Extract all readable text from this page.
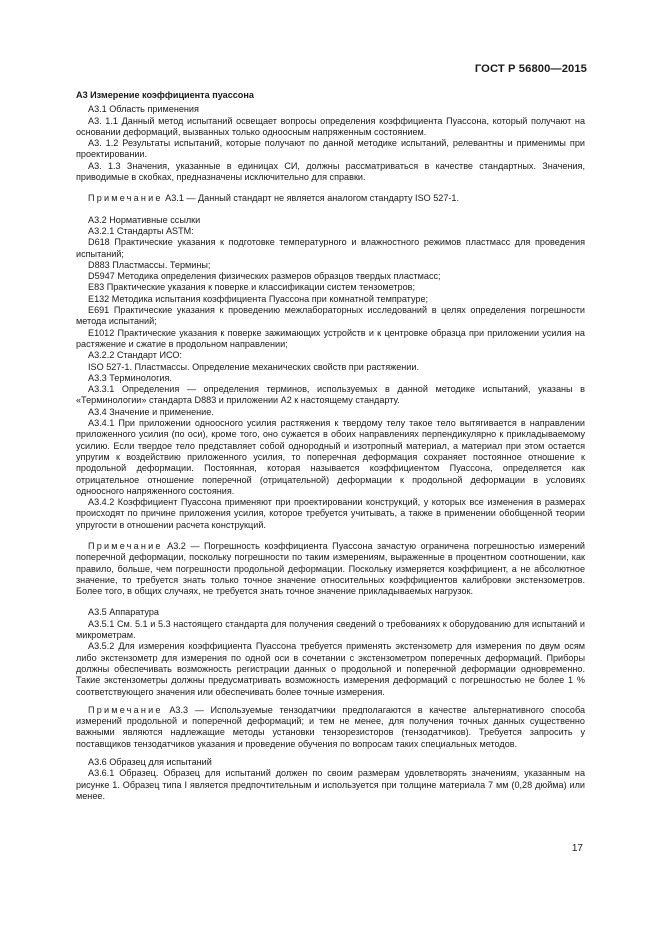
ГОСТ Р 56800—2015

А3 Измерение коэффициента пуассона

А3.1 Область применения

А3. 1.1 Данный метод испытаний освещает вопросы определения коэффициента Пуассона, который получают на основании деформаций, вызванных только одноосным напряженным состоянием.

А3. 1.2 Результаты испытаний, которые получают по данной методике испытаний, релевантны и применимы при проектировании.

А3. 1.3 Значения, указанные в единицах СИ, должны рассматриваться в качестве стандартных. Значения, приводимые в скобках, предназначены исключительно для справки.

Примечание А3.1 — Данный стандарт не является аналогом стандарту ISO 527-1.

А3.2 Нормативные ссылки

А3.2.1 Стандарты ASTM:

D618 Практические указания к подготовке температурного и влажностного режимов пластмасс для проведения испытаний;

D883 Пластмассы. Термины;

D5947 Методика определения физических размеров образцов твердых пластмасс;

E83 Практические указания к поверке и классификации систем тензометров;

E132 Методика испытания коэффициента Пуассона при комнатной темпратуре;

E691 Практические указания к проведению межлабораторных исследований в целях определения погрешности метода испытаний;

E1012 Практические указания к поверке зажимающих устройств и к центровке образца при приложении усилия на растяжение и сжатие в продольном направлении;

А3.2.2 Стандарт ИСО:

ISO 527-1. Пластмассы. Определение механических свойств при растяжении.

А3.3 Терминология.

А3.3.1 Определения — определения терминов, используемых в данной методике испытаний, указаны в «Терминологии» стандарта D883 и приложении А2 к настоящему стандарту.

А3.4 Значение и применение.

А3.4.1 При приложении одноосного усилия растяжения к твердому телу такое тело вытягивается в направлении приложенного усилия (по оси), кроме того, оно сужается в обоих направлениях перпендикулярно к прикладываемому усилию. Если твердое тело представляет собой однородный и изотропный материал, а материал при этом остается упругим к воздействию приложенного усилия, то поперечная деформация сохраняет постоянное отношение к продольной деформации. Постоянная, которая называется коэффициентом Пуассона, определяется как отрицательное отношение поперечной (отрицательной) деформации к продольной деформации в условиях одноосного напряженного состояния.

А3.4.2 Коэффициент Пуассона применяют при проектировании конструкций, у которых все изменения в размерах происходят по причине приложения усилия, которое требуется учитывать, а также в применении обобщенной теории упругости в отношении расчета конструкций.

Примечание А3.2 — Погрешность коэффициента Пуассона зачастую ограничена погрешностью измерений поперечной деформации, поскольку погрешности по таким измерениям, выраженные в процентном соотношении, как правило, больше, чем погрешности продольной деформации. Поскольку измеряется коэффициент, а не абсолютное значение, то требуется знать только точное значение относительных коэффициентов калибровки экстензометров. Более того, в общих случаях, не требуется знать точное значение прикладываемых нагрузок.

А3.5 Аппаратура

А3.5.1 См. 5.1 и 5.3 настоящего стандарта для получения сведений о требованиях к оборудованию для испытаний и микрометрам.

А3.5.2 Для измерения коэффициента Пуассона требуется применять экстензометр для измерения по двум осям либо экстензометр для измерения по одной оси в сочетании с экстензометром поперечных деформаций. Приборы должны обеспечивать возможность регистрации данных о продольной и поперечной деформации одновременно. Такие экстензометры должны предусматривать возможность измерения деформаций с погрешностью не более 1 % соответствующего значения или обеспечивать более точные измерения.

Примечание А3.3 — Используемые тензодатчики предполагаются в качестве альтернативного способа измерений продольной и поперечной деформаций; и тем не менее, для получения точных данных существенно важными являются надлежащие методы установки тензорезисторов (тензодатчиков). Требуется запросить у поставщиков тензодатчиков указания и проведение обучения по вопросам таких специальных методов.

А3.6 Образец для испытаний

А3.6.1 Образец. Образец для испытаний должен по своим размерам удовлетворять значениям, указанным на рисунке 1. Образец типа I является предпочтительным и используется при толщине материала 7 мм (0,28 дюйма) или менее.

17
